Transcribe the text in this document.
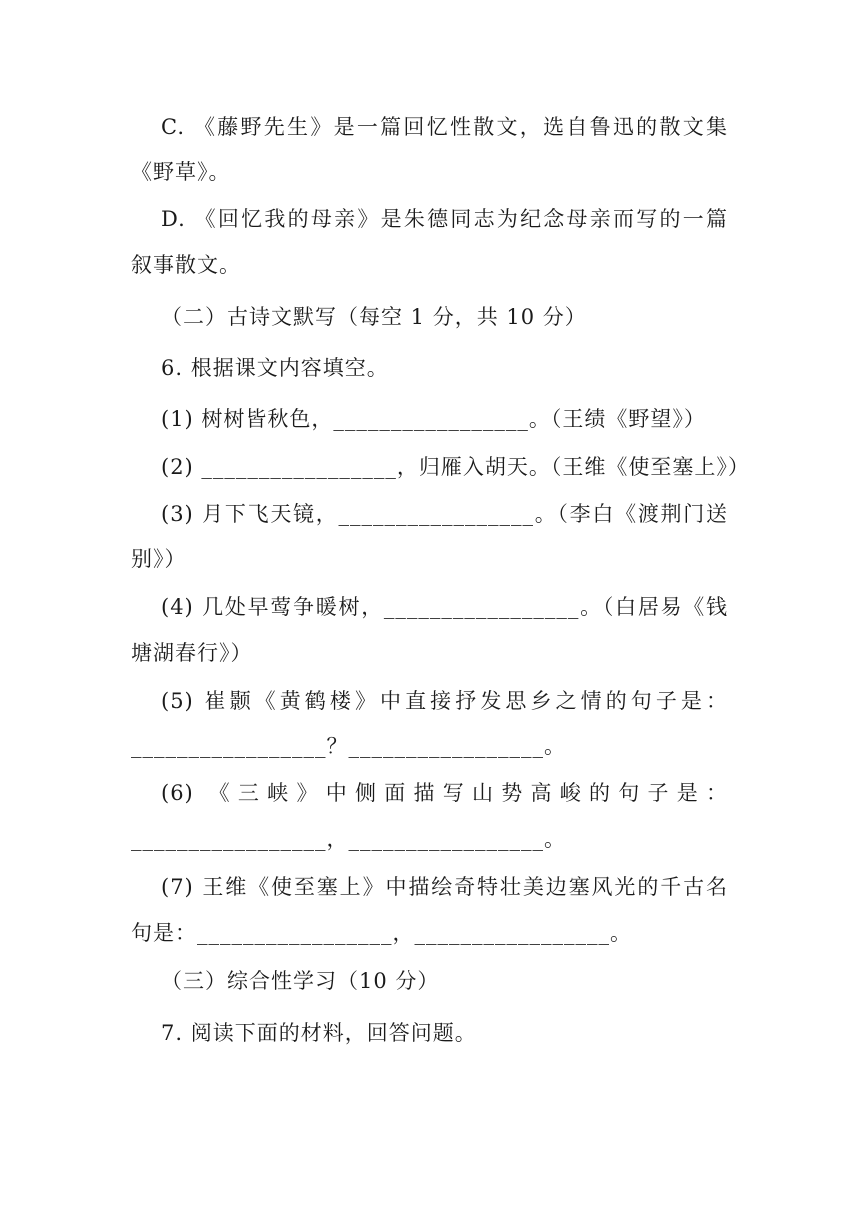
C. 《藤野先生》是一篇回忆性散文，选自鲁迅的散文集
《野草》。
D. 《回忆我的母亲》是朱德同志为纪念母亲而写的一篇
叙事散文。
（二）古诗文默写（每空 1 分，共 10 分）
6. 根据课文内容填空。
(1) 树树皆秋色，_________________。（王绩《野望》）
(2) _________________，归雁入胡天。（王维《使至塞上》）
(3) 月下飞天镜，_________________。（李白《渡荆门送
别》）
(4) 几处早莺争暖树，_________________。（白居易《钱
塘湖春行》）
(5) 崔颢《黄鹤楼》中直接抒发思乡之情的句子是：
_________________？_________________。
(6) 《三峡》中侧面描写山势高峻的句子是：
_________________，_________________。
(7) 王维《使至塞上》中描绘奇特壮美边塞风光的千古名
句是：_________________，_________________。
（三）综合性学习（10 分）
7. 阅读下面的材料，回答问题。
